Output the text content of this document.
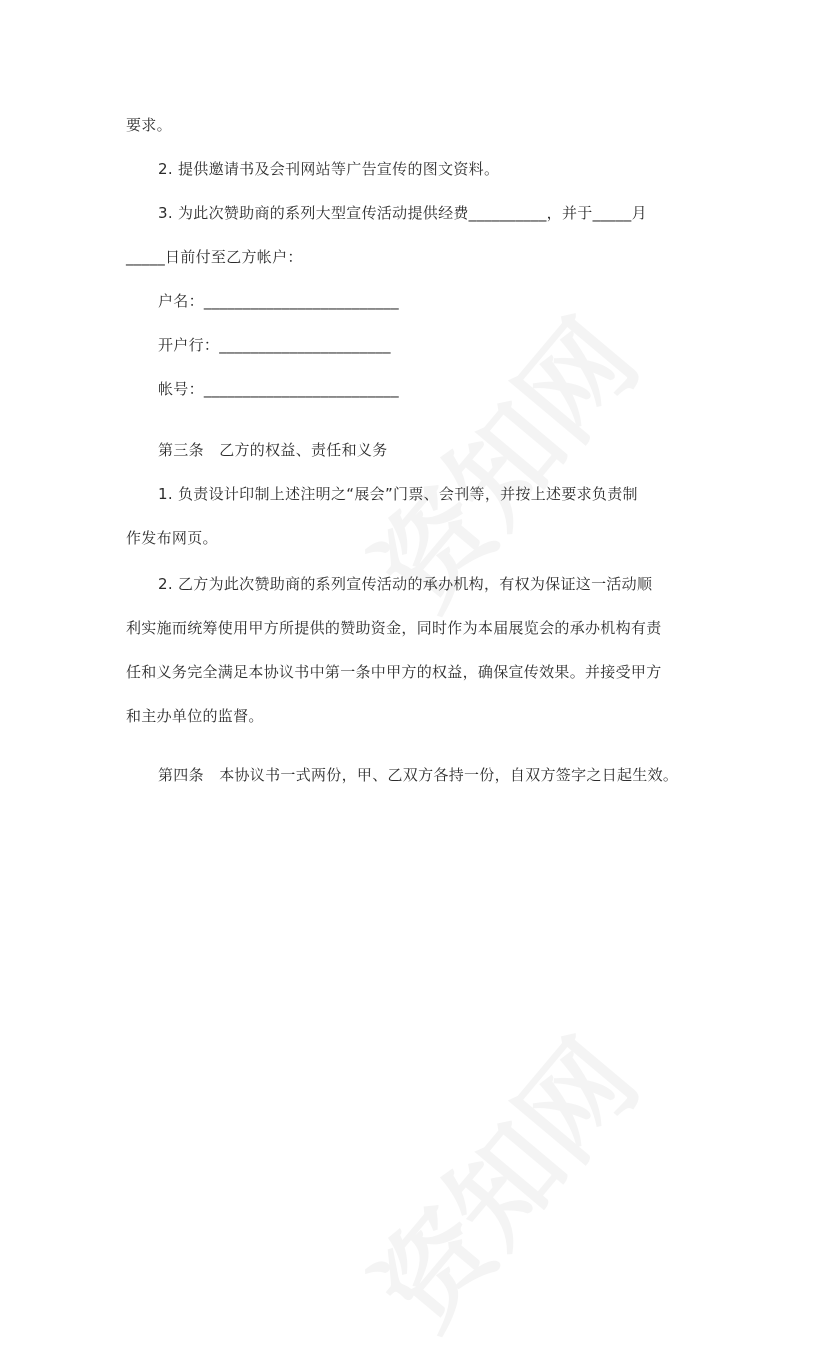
要求。
2. 提供邀请书及会刊网站等广告宣传的图文资料。
3. 为此次赞助商的系列大型宣传活动提供经费__________，并于_____月
_____日前付至乙方帐户：
户名：_________________________
开户行：______________________
帐号：_________________________
第三条　乙方的权益、责任和义务
1. 负责设计印制上述注明之“展会”门票、会刊等，并按上述要求负责制
作发布网页。
2. 乙方为此次赞助商的系列宣传活动的承办机构，有权为保证这一活动顺
利实施而统筹使用甲方所提供的赞助资金，同时作为本届展览会的承办机构有责
任和义务完全满足本协议书中第一条中甲方的权益，确保宣传效果。并接受甲方
和主办单位的监督。
第四条　本协议书一式两份，甲、乙双方各持一份，自双方签字之日起生效。
